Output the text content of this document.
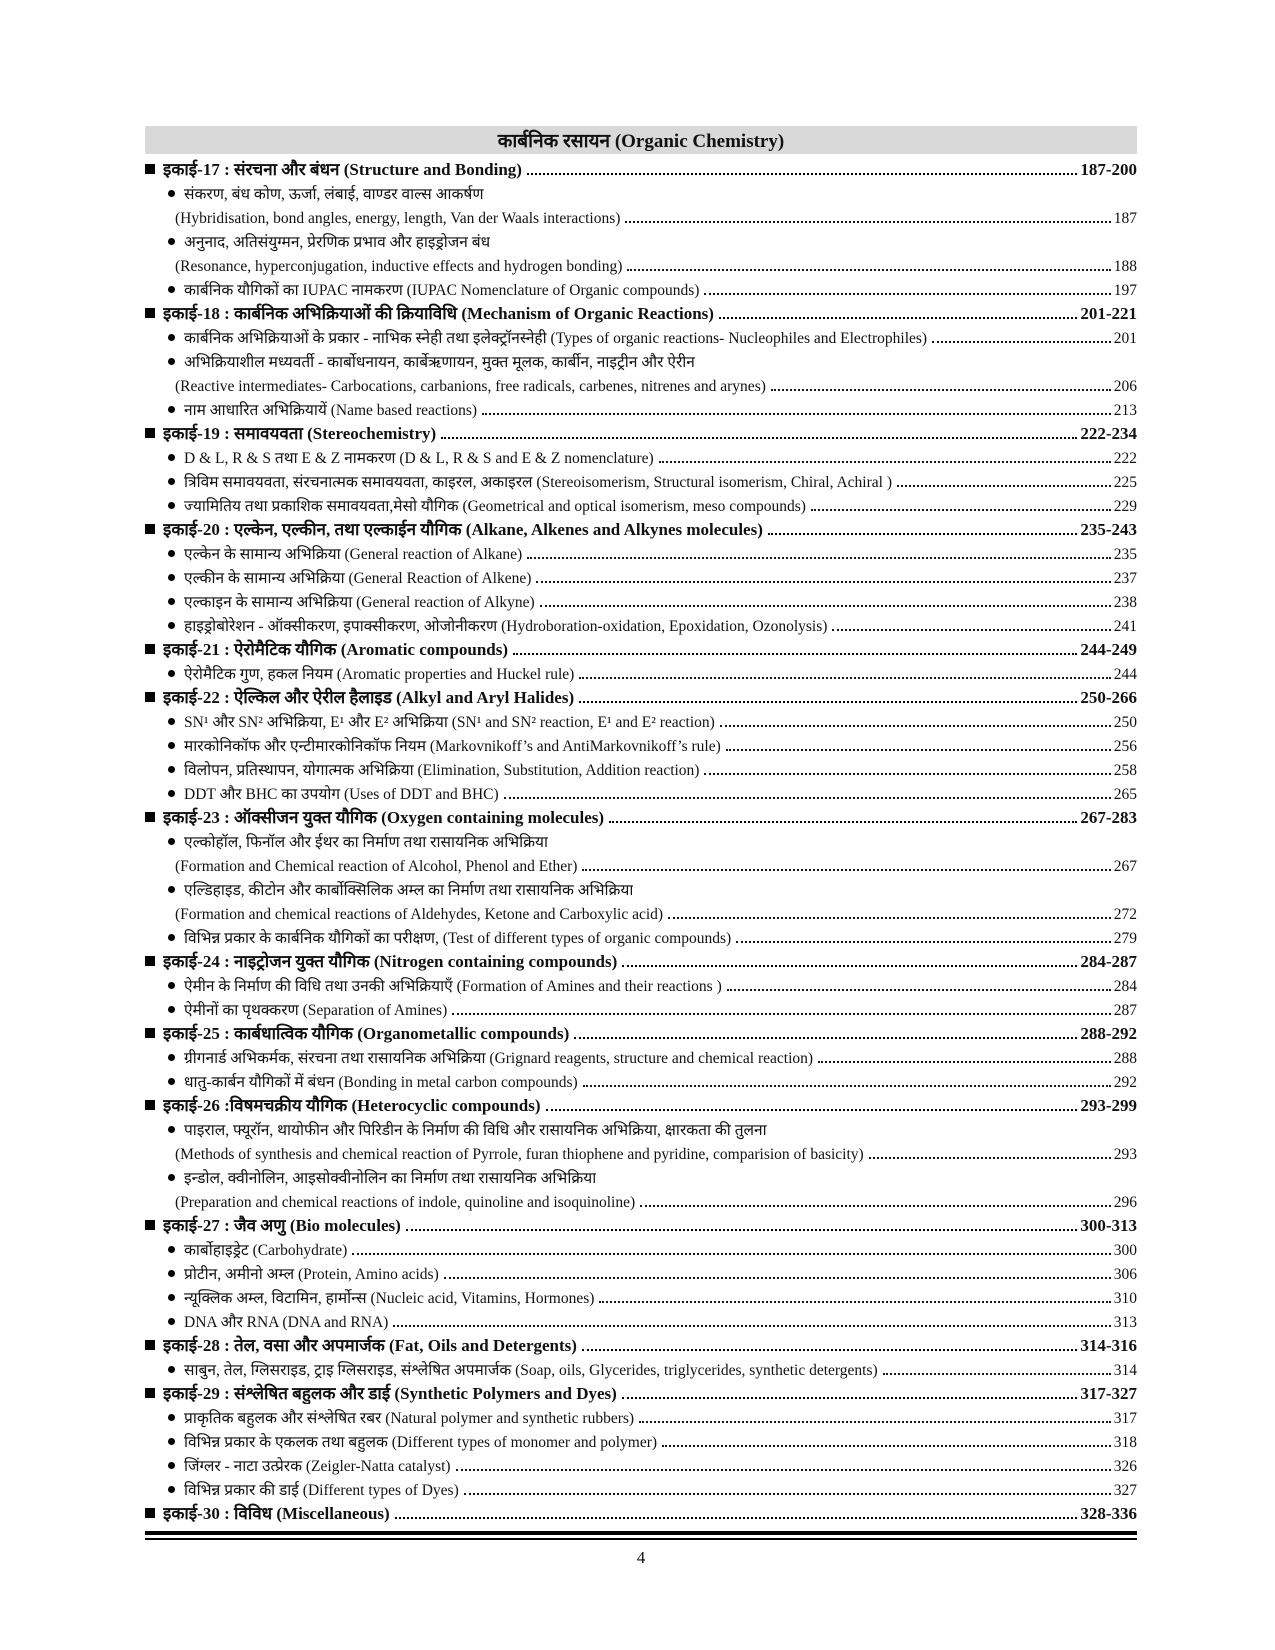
कार्बनिक रसायन (Organic Chemistry)
इकाई-17 : संरचना और बंधन (Structure and Bonding)	187-200
संकरण, बंध कोण, ऊर्जा, लंबाई, वाण्डर वाल्स आकर्षण
(Hybridisation, bond angles, energy, length, Van der Waals interactions)	187
अनुनाद, अतिसंयुग्मन, प्रेरणिक प्रभाव और हाइड्रोजन बंध
(Resonance, hyperconjugation, inductive effects and hydrogen bonding)	188
कार्बनिक यौगिकों का IUPAC नामकरण (IUPAC Nomenclature of Organic compounds)	197
इकाई-18 : कार्बनिक अभिक्रियाओं की क्रियाविधि (Mechanism of Organic Reactions)	201-221
कार्बनिक अभिक्रियाओं के प्रकार - नाभिक स्नेही तथा इलेक्ट्रॉनस्नेही (Types of organic reactions- Nucleophiles and Electrophiles)	201
अभिक्रियाशील मध्यवर्ती - कार्बोधनायन, कार्बेऋणायन, मुक्त मूलक, कार्बीन, नाइट्रीन और ऐरीन
(Reactive intermediates- Carbocations, carbanions, free radicals, carbenes, nitrenes and arynes)	206
नाम आधारित अभिक्रियायें (Name based reactions)	213
इकाई-19 : समावयवता (Stereochemistry)	222-234
D & L, R & S तथा E & Z नामकरण (D & L, R & S and E & Z nomenclature)	222
त्रिविम समावयवता, संरचनात्मक समावयवता, काइरल, अकाइरल (Stereoisomerism, Structural isomerism, Chiral, Achiral )	225
ज्यामितिय तथा प्रकाशिक समावयवता,मेसो यौगिक (Geometrical and optical isomerism, meso compounds)	229
इकाई-20 : एल्केन, एल्कीन, तथा एल्काईन यौगिक (Alkane, Alkenes and Alkynes molecules)	235-243
एल्केन के सामान्य अभिक्रिया (General reaction of Alkane)	235
एल्कीन के सामान्य अभिक्रिया (General Reaction of Alkene)	237
एल्काइन के सामान्य अभिक्रिया (General reaction of Alkyne)	238
हाइड्रोबोरेशन - ऑक्सीकरण, इपाक्सीकरण, ओजोनीकरण (Hydroboration-oxidation, Epoxidation, Ozonolysis)	241
इकाई-21 : ऐरोमैटिक यौगिक (Aromatic compounds)	244-249
ऐरोमैटिक गुण, हकल नियम (Aromatic properties and Huckel rule)	244
इकाई-22 : ऐल्किल और ऐरील हैलाइड (Alkyl and Aryl Halides)	250-266
SN¹ और SN² अभिक्रिया, E¹ और E² अभिक्रिया (SN¹ and SN² reaction, E¹ and E² reaction)	250
मारकोनिकॉफ और एन्टीमारकोनिकॉफ नियम (Markovnikoff’s and AntiMarkovnikoff’s rule)	256
विलोपन, प्रतिस्थापन, योगात्मक अभिक्रिया (Elimination, Substitution, Addition reaction)	258
DDT और BHC का उपयोग (Uses of DDT and BHC)	265
इकाई-23 : ऑक्सीजन युक्त यौगिक (Oxygen containing molecules)	267-283
एल्कोहॉल, फिनॉल और ईथर का निर्माण तथा रासायनिक अभिक्रिया
(Formation and Chemical reaction of Alcohol, Phenol and Ether)	267
एल्डिहाइड, कीटोन और कार्बोक्सिलिक अम्ल का निर्माण तथा रासायनिक अभिक्रिया
(Formation and chemical reactions of Aldehydes, Ketone and Carboxylic acid)	272
विभिन्न प्रकार के कार्बनिक यौगिकों का परीक्षण, (Test of different types of organic compounds)	279
इकाई-24 : नाइट्रोजन युक्त यौगिक (Nitrogen containing compounds)	284-287
ऐमीन के निर्माण की विधि तथा उनकी अभिक्रियाएँ (Formation of Amines and their reactions )	284
ऐमीनों का पृथक्करण (Separation of Amines)	287
इकाई-25 : कार्बधात्विक यौगिक (Organometallic compounds)	288-292
ग्रीगनार्ड अभिकर्मक, संरचना तथा रासायनिक अभिक्रिया (Grignard reagents, structure and chemical reaction)	288
धातु-कार्बन यौगिकों में बंधन (Bonding in metal carbon compounds)	292
इकाई-26 :विषमचक्रीय यौगिक (Heterocyclic compounds)	293-299
पाइराल, फ्यूरॉन, थायोफीन और पिरिडीन के निर्माण की विधि और रासायनिक अभिक्रिया, क्षारकता की तुलना
(Methods of synthesis and chemical reaction of Pyrrole, furan thiophene and pyridine, comparision of basicity)	293
इन्डोल, क्वीनोलिन, आइसोक्वीनोलिन का निर्माण तथा रासायनिक अभिक्रिया
(Preparation and chemical reactions of indole, quinoline and isoquinoline)	296
इकाई-27 : जैव अणु (Bio molecules)	300-313
कार्बोहाइड्रेट (Carbohydrate)	300
प्रोटीन, अमीनो अम्ल (Protein, Amino acids)	306
न्यूक्लिक अम्ल, विटामिन, हार्मोन्स (Nucleic acid, Vitamins, Hormones)	310
DNA और RNA (DNA and RNA)	313
इकाई-28 : तेल, वसा और अपमार्जक (Fat, Oils and Detergents)	314-316
साबुन, तेल, ग्लिसराइड, ट्राइ ग्लिसराइड, संश्लेषित अपमार्जक (Soap, oils, Glycerides, triglycerides, synthetic detergents)	314
इकाई-29 : संश्लेषित बहुलक और डाई (Synthetic Polymers and Dyes)	317-327
प्राकृतिक बहुलक और संश्लेषित रबर (Natural polymer and synthetic rubbers)	317
विभिन्न प्रकार के एकलक तथा बहुलक (Different types of monomer and polymer)	318
जिंग्लर - नाटा उत्प्रेरक (Zeigler-Natta catalyst)	326
विभिन्न प्रकार की डाई (Different types of Dyes)	327
इकाई-30 : विविध (Miscellaneous)	328-336
4
